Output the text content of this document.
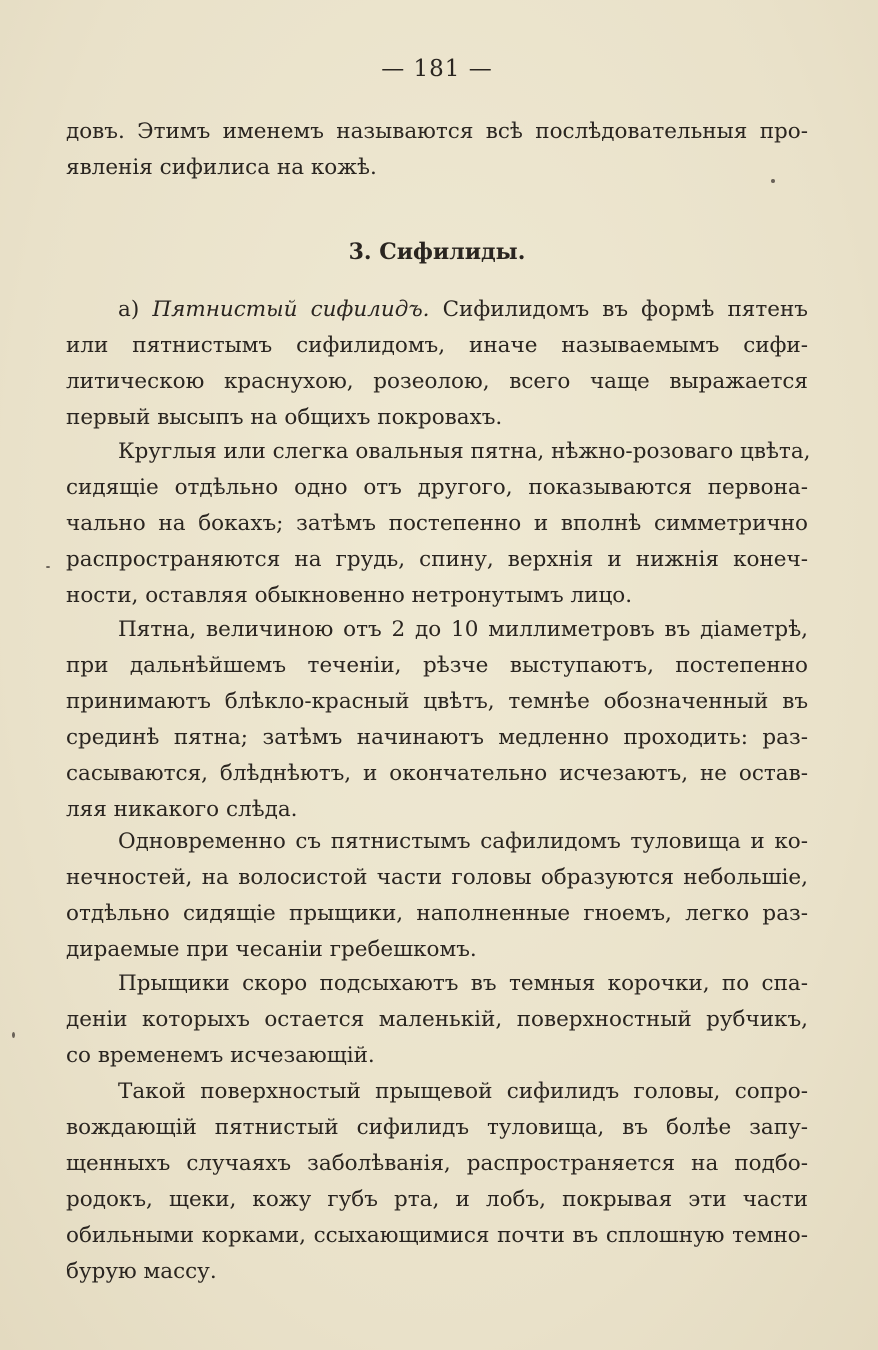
— 181 —
довъ. Этимъ именемъ называются всѣ послѣдовательныя про-
явленія сифилиса на кожѣ.
3. Сифилиды.
а) Пятнистый сифилидъ. Сифилидомъ въ формѣ пятенъ
или пятнистымъ сифилидомъ, иначе называемымъ сифи-
литическою краснухою, розеолою, всего чаще выражается
первый высыпъ на общихъ покровахъ.
Круглыя или слегка овальныя пятна, нѣжно-розоваго цвѣта,
сидящіе отдѣльно одно отъ другого, показываются первона-
чально на бокахъ; затѣмъ постепенно и вполнѣ симметрично
распространяются на грудь, спину, верхнія и нижнія конеч-
ности, оставляя обыкновенно нетронутымъ лицо.
Пятна, величиною отъ 2 до 10 миллиметровъ въ діаметрѣ,
при дальнѣйшемъ теченіи, рѣзче выступаютъ, постепенно
принимаютъ блѣкло-красный цвѣтъ, темнѣе обозначенный въ
срединѣ пятна; затѣмъ начинаютъ медленно проходить: раз-
сасываются, блѣднѣютъ, и окончательно исчезаютъ, не остав-
ляя никакого слѣда.
Одновременно съ пятнистымъ сафилидомъ туловища и ко-
нечностей, на волосистой части головы образуются небольшіе,
отдѣльно сидящіе прыщики, наполненные гноемъ, легко раз-
дираемые при чесаніи гребешкомъ.
Прыщики скоро подсыхаютъ въ темныя корочки, по спа-
деніи которыхъ остается маленькій, поверхностный рубчикъ,
со временемъ исчезающій.
Такой поверхностый прыщевой сифилидъ головы, сопро-
вождающій пятнистый сифилидъ туловища, въ болѣе запу-
щенныхъ случаяхъ заболѣванія, распространяется на подбо-
родокъ, щеки, кожу губъ рта, и лобъ, покрывая эти части
обильными корками, ссыхающимися почти въ сплошную темно-
бурую массу.
